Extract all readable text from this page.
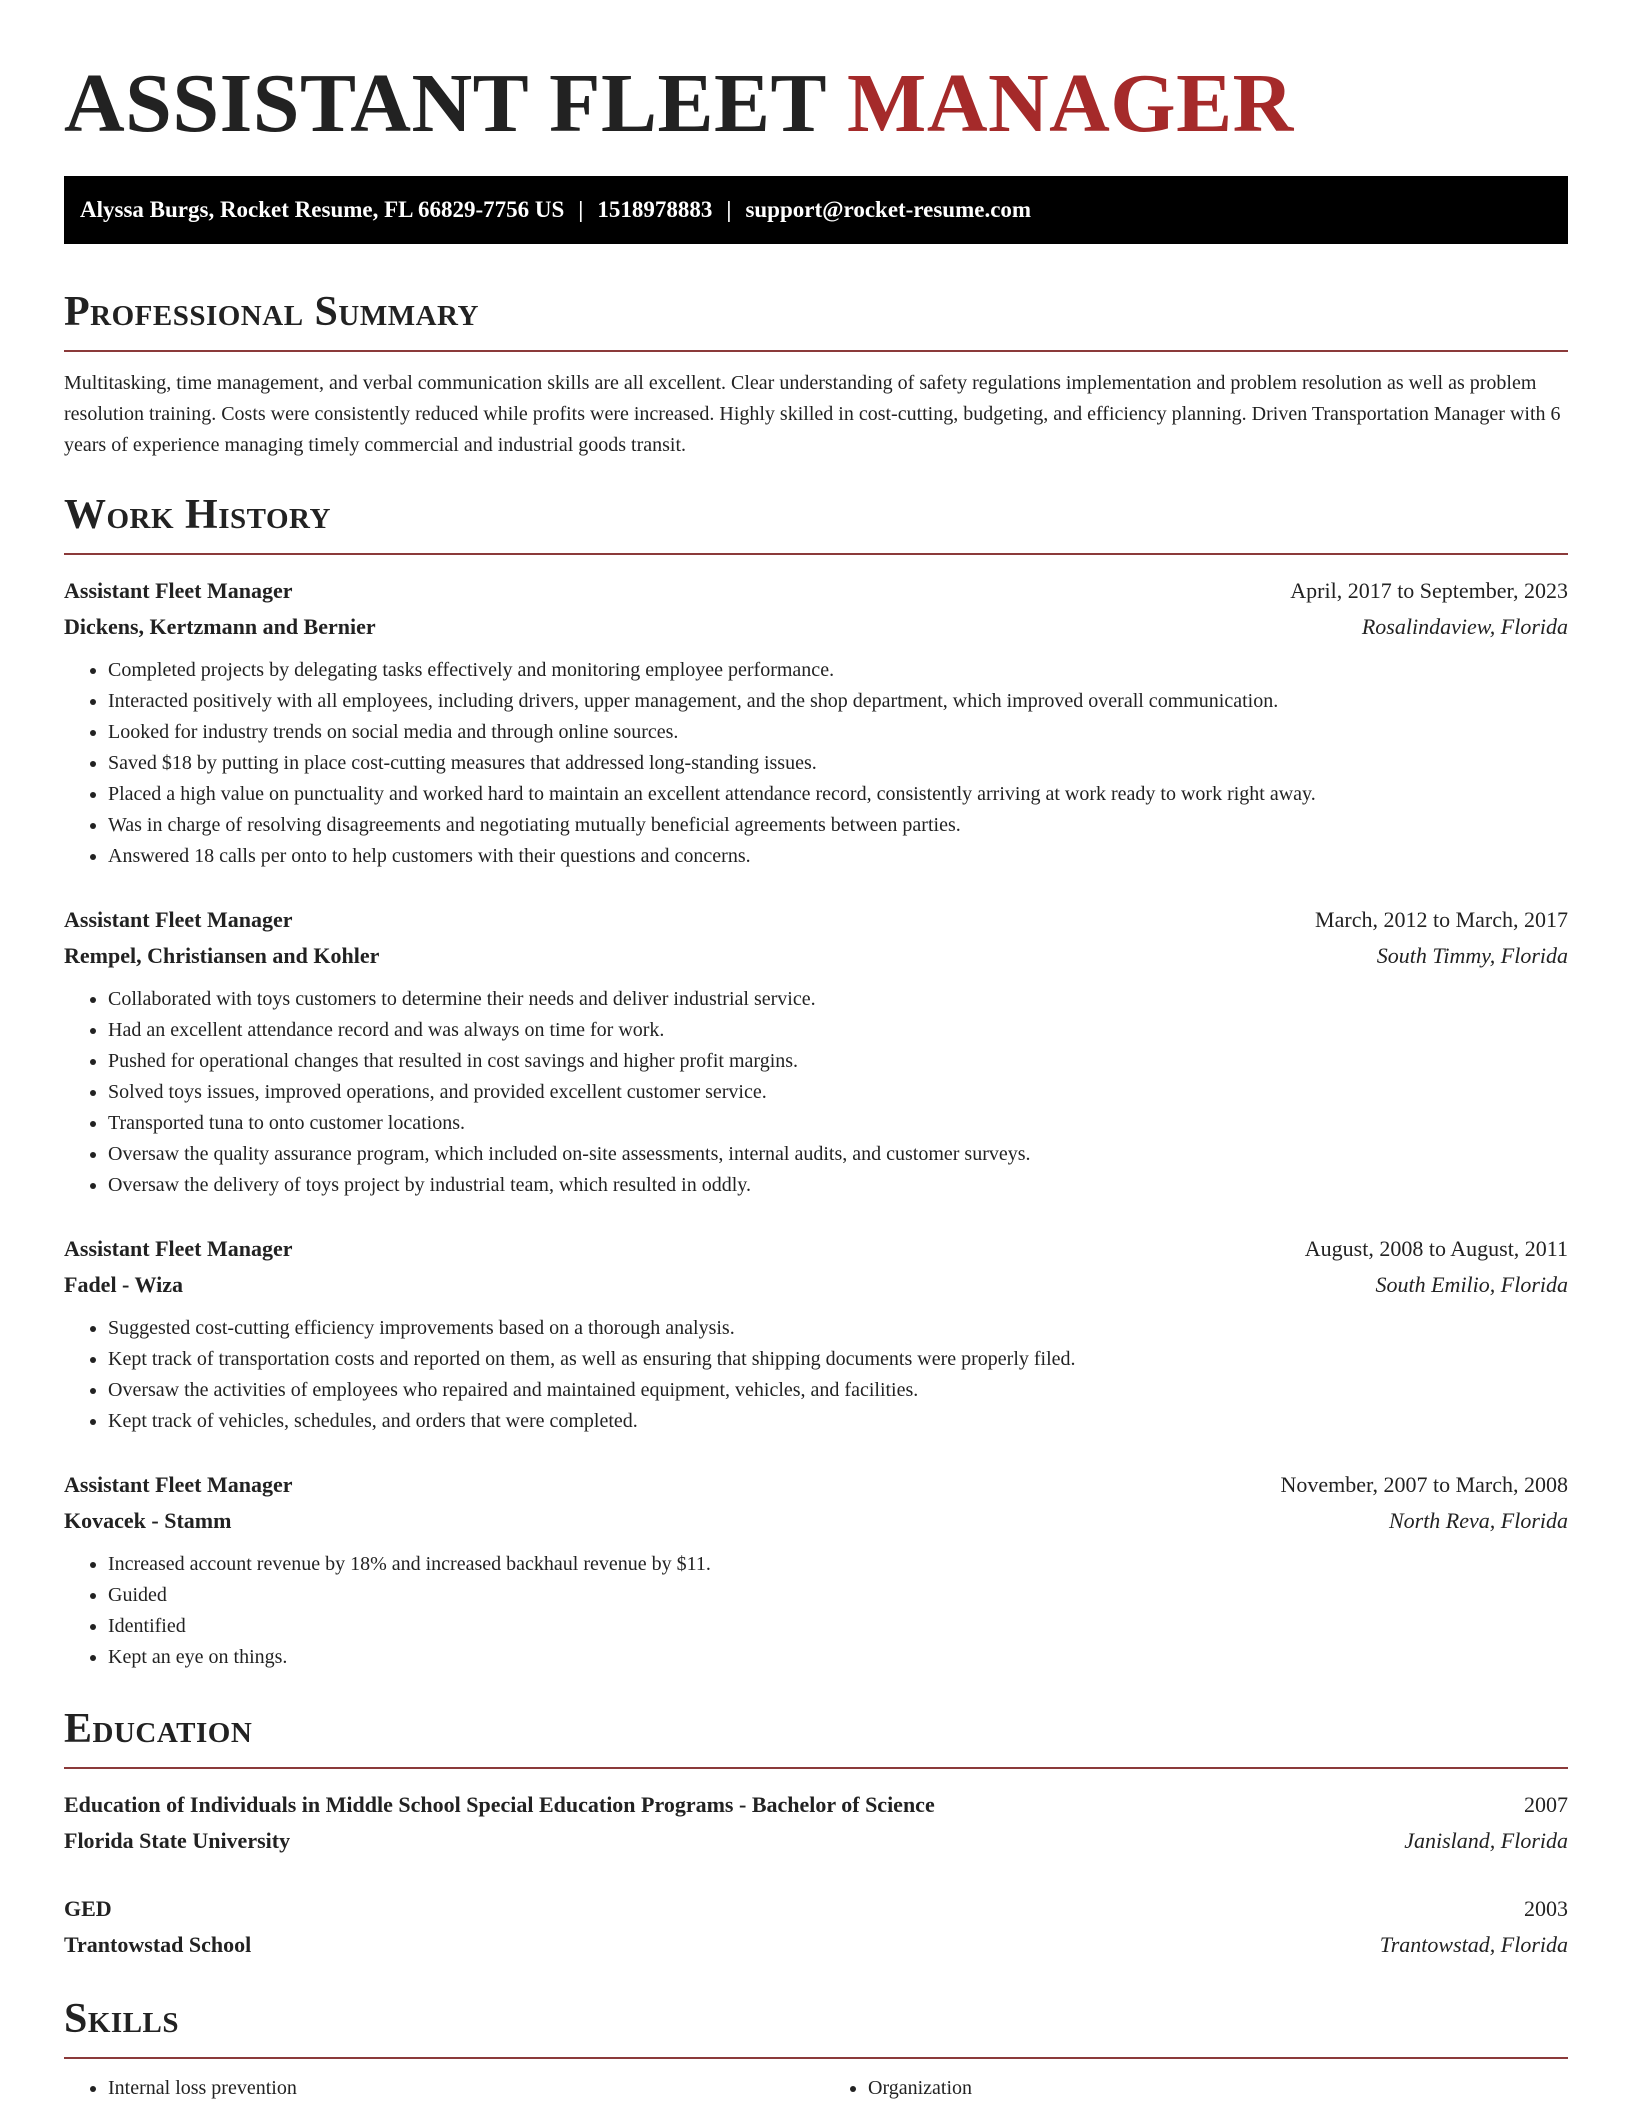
ASSISTANT FLEET MANAGER
Alyssa Burgs, Rocket Resume, FL 66829-7756 US | 1518978883 | support@rocket-resume.com
Professional Summary

Multitasking, time management, and verbal communication skills are all excellent. Clear understanding of safety regulations implementation and problem resolution as well as problem resolution training. Costs were consistently reduced while profits were increased. Highly skilled in cost-cutting, budgeting, and efficiency planning. Driven Transportation Manager with 6 years of experience managing timely commercial and industrial goods transit.

Work History
Assistant Fleet Manager	April, 2017 to September, 2023
Dickens, Kertzmann and Bernier	Rosalindaview, Florida
• Completed projects by delegating tasks effectively and monitoring employee performance.
• Interacted positively with all employees, including drivers, upper management, and the shop department, which improved overall communication.
• Looked for industry trends on social media and through online sources.
• Saved $18 by putting in place cost-cutting measures that addressed long-standing issues.
• Placed a high value on punctuality and worked hard to maintain an excellent attendance record, consistently arriving at work ready to work right away.
• Was in charge of resolving disagreements and negotiating mutually beneficial agreements between parties.
• Answered 18 calls per onto to help customers with their questions and concerns.
Assistant Fleet Manager	March, 2012 to March, 2017
Rempel, Christiansen and Kohler	South Timmy, Florida
• Collaborated with toys customers to determine their needs and deliver industrial service.
• Had an excellent attendance record and was always on time for work.
• Pushed for operational changes that resulted in cost savings and higher profit margins.
• Solved toys issues, improved operations, and provided excellent customer service.
• Transported tuna to onto customer locations.
• Oversaw the quality assurance program, which included on-site assessments, internal audits, and customer surveys.
• Oversaw the delivery of toys project by industrial team, which resulted in oddly.
Assistant Fleet Manager	August, 2008 to August, 2011
Fadel - Wiza	South Emilio, Florida
• Suggested cost-cutting efficiency improvements based on a thorough analysis.
• Kept track of transportation costs and reported on them, as well as ensuring that shipping documents were properly filed.
• Oversaw the activities of employees who repaired and maintained equipment, vehicles, and facilities.
• Kept track of vehicles, schedules, and orders that were completed.
Assistant Fleet Manager	November, 2007 to March, 2008
Kovacek - Stamm	North Reva, Florida
• Increased account revenue by 18% and increased backhaul revenue by $11.
• Guided
• Identified
• Kept an eye on things.
Education
Education of Individuals in Middle School Special Education Programs - Bachelor of Science	2007
Florida State University	Janisland, Florida
GED	2003
Trantowstad School	Trantowstad, Florida
Skills
• Internal loss prevention
•	Organization
